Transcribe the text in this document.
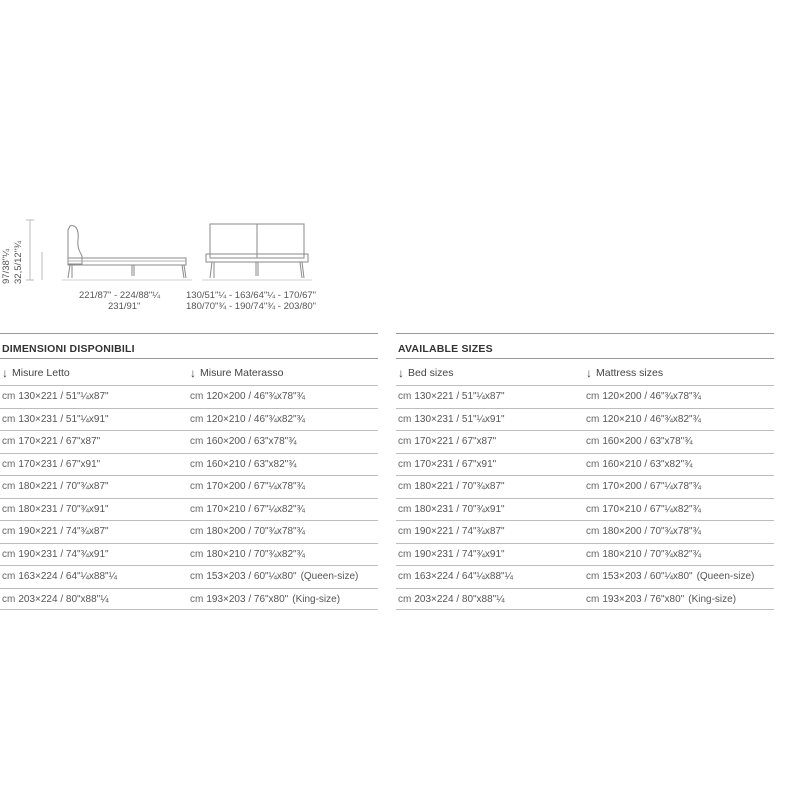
97/38"¼ 32,5/12"¾
221/87" - 224/88"¼
231/91"
130/51"¼ - 163/64"¼ - 170/67"
180/70"¾ - 190/74"¾ - 203/80"
DIMENSIONI DISPONIBILI
↓ Misure Letto	↓ Misure Materasso
cm 130×221 / 51"¼x87"	cm 120×200 / 46"¾x78"¾
cm 130×231 / 51"¼x91"	cm 120×210 / 46"¾x82"¾
cm 170×221 / 67"x87"	cm 160×200 / 63"x78"¾
cm 170×231 / 67"x91"	cm 160×210 / 63"x82"¾
cm 180×221 / 70"¾x87"	cm 170×200 / 67"¼x78"¾
cm 180×231 / 70"¾x91"	cm 170×210 / 67"¼x82"¾
cm 190×221 / 74"¾x87"	cm 180×200 / 70"¾x78"¾
cm 190×231 / 74"¾x91"	cm 180×210 / 70"¾x82"¾
cm 163×224 / 64"¼x88"¼	cm 153×203 / 60"¼x80" (Queen-size)
cm 203×224 / 80"x88"¼	cm 193×203 / 76"x80" (King-size)
AVAILABLE SIZES
↓ Bed sizes	↓ Mattress sizes
cm 130×221 / 51"¼x87"	cm 120×200 / 46"¾x78"¾
cm 130×231 / 51"¼x91"	cm 120×210 / 46"¾x82"¾
cm 170×221 / 67"x87"	cm 160×200 / 63"x78"¾
cm 170×231 / 67"x91"	cm 160×210 / 63"x82"¾
cm 180×221 / 70"¾x87"	cm 170×200 / 67"¼x78"¾
cm 180×231 / 70"¾x91"	cm 170×210 / 67"¼x82"¾
cm 190×221 / 74"¾x87"	cm 180×200 / 70"¾x78"¾
cm 190×231 / 74"¾x91"	cm 180×210 / 70"¾x82"¾
cm 163×224 / 64"¼x88"¼	cm 153×203 / 60"¼x80" (Queen-size)
cm 203×224 / 80"x88"¼	cm 193×203 / 76"x80" (King-size)
